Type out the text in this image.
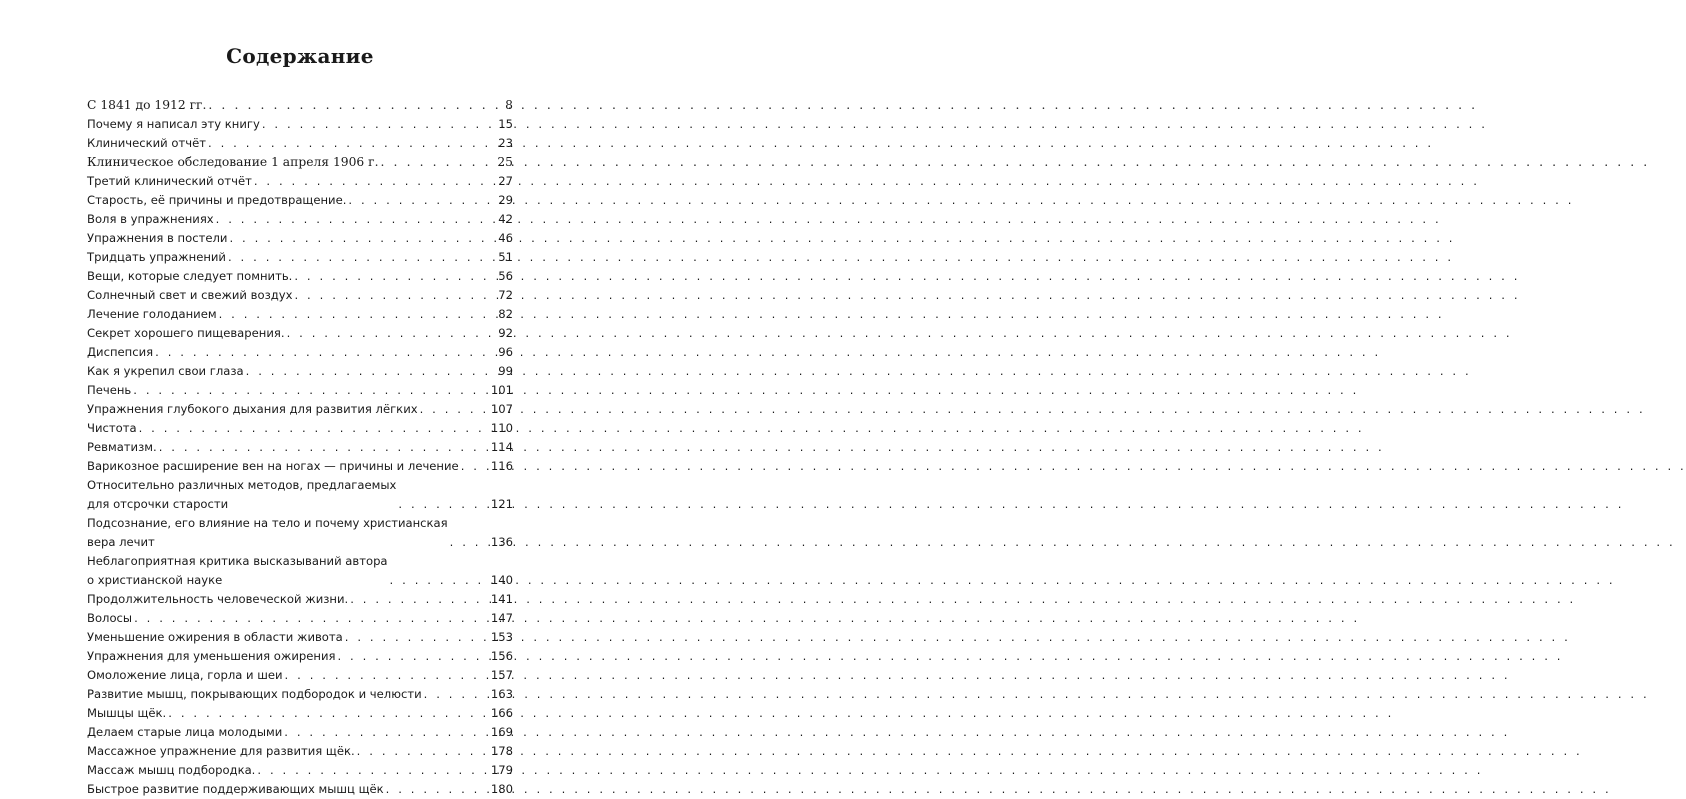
Содержание
С 1841 до 1912 гг. . . .	8
Почему я написал эту книгу . . .	15
Клинический отчёт . . .	23
Клиническое обследование 1 апреля 1906 г. . . .	25
Третий клинический отчёт . . .	27
Старость, её причины и предотвращение. . . .	29
Воля в упражнениях . . .	42
Упражнения в постели . . .	46
Тридцать упражнений . . .	51
Вещи, которые следует помнить. . . .	56
Солнечный свет и свежий воздух . . .	72
Лечение голоданием . . .	82
Секрет хорошего пищеварения. . . .	92
Диспепсия . . .	96
Как я укрепил свои глаза . . .	99
Печень . . .	101
Упражнения глубокого дыхания для развития лёгких . . .	107
Чистота . . .	110
Ревматизм. . . .	114
Варикозное расширение вен на ногах — причины и лечение . . .	116
Относительно различных методов, предлагаемых
для отсрочки старости . . .	121
Подсознание, его влияние на тело и почему христианская
вера лечит . . .	136
Неблагоприятная критика высказываний автора
о христианской науке . . .	140
Продолжительность человеческой жизни. . . .	141
Волосы . . .	147
Уменьшение ожирения в области живота . . .	153
Упражнения для уменьшения ожирения . . .	156
Омоложение лица, горла и шеи . . .	157
Развитие мышц, покрывающих подбородок и челюсти . . .	163
Мышцы щёк. . . .	166
Делаем старые лица молодыми . . .	169
Массажное упражнение для развития щёк. . . .	178
Массаж мышц подбородка. . . .	179
Быстрое развитие поддерживающих мышц щёк . . .	180
